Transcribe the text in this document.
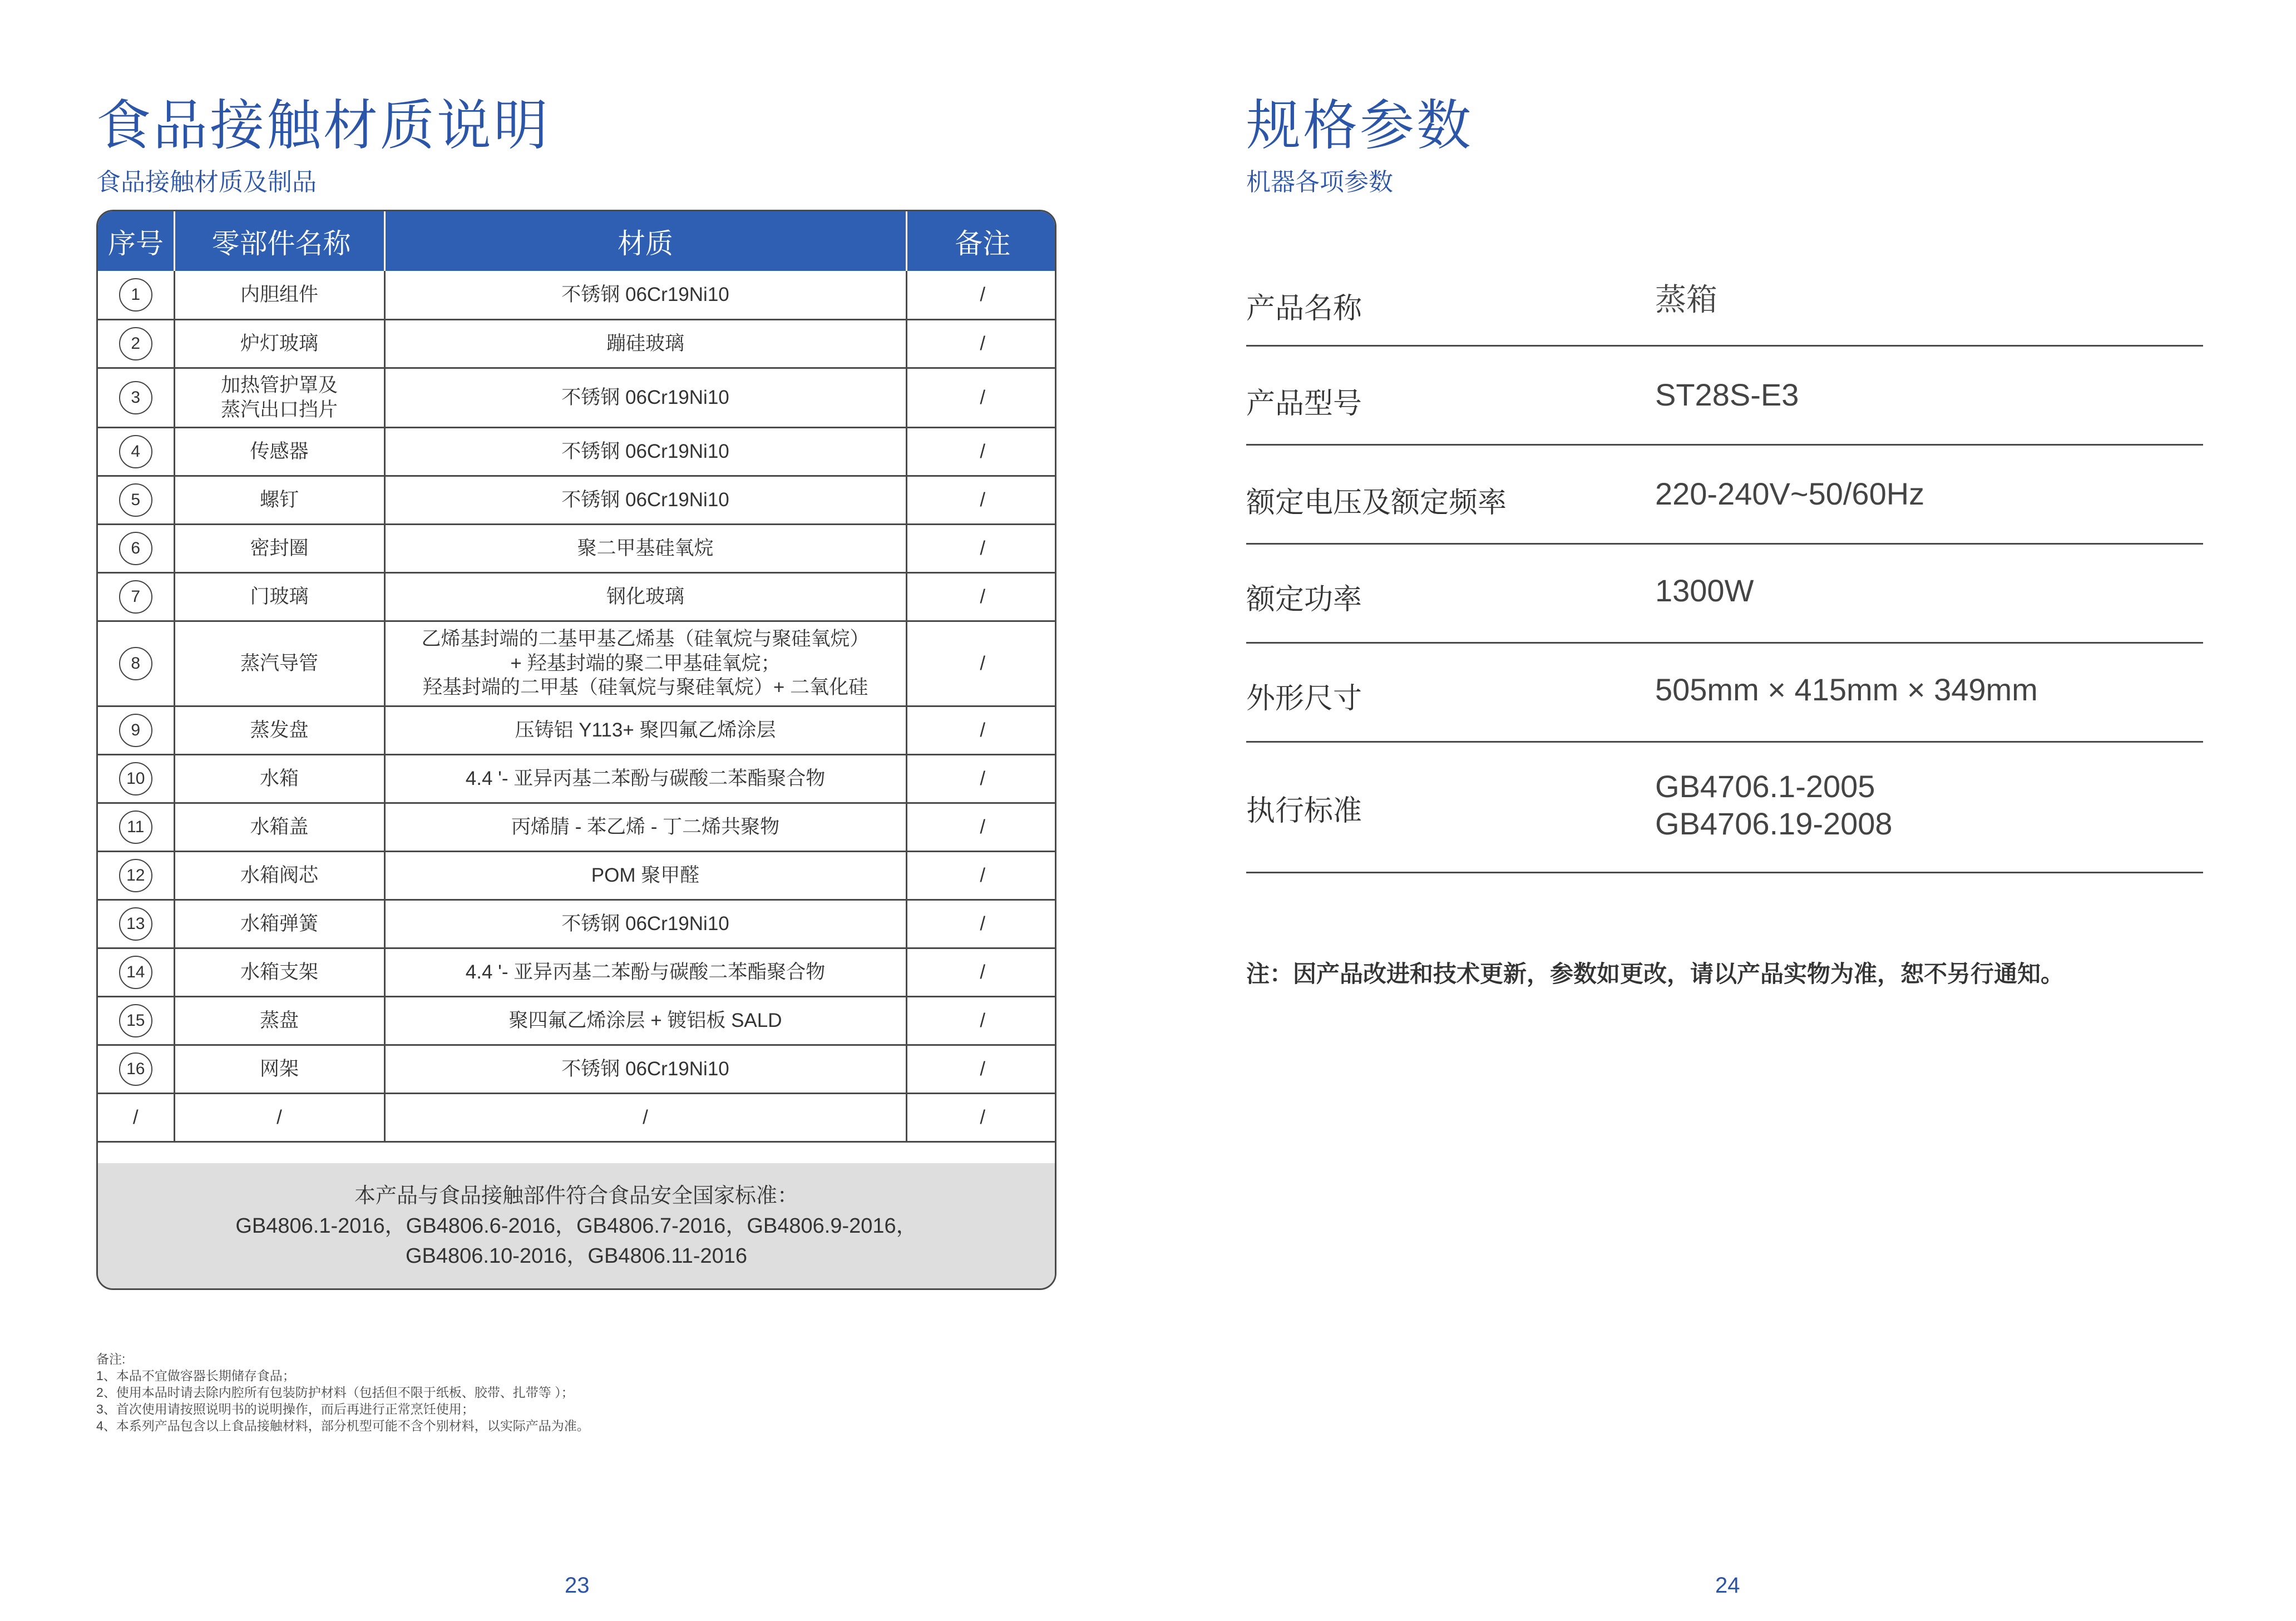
食品接触材质说明
食品接触材质及制品
序号	零部件名称	材质	备注
1	内胆组件	不锈钢 06Cr19Ni10	/
2	炉灯玻璃	蹦硅玻璃	/
3	加热管护罩及
蒸汽出口挡片	不锈钢 06Cr19Ni10	/
4	传感器	不锈钢 06Cr19Ni10	/
5	螺钉	不锈钢 06Cr19Ni10	/
6	密封圈	聚二甲基硅氧烷	/
7	门玻璃	钢化玻璃	/
8	蒸汽导管	乙烯基封端的二基甲基乙烯基（硅氧烷与聚硅氧烷）
+ 羟基封端的聚二甲基硅氧烷；
羟基封端的二甲基（硅氧烷与聚硅氧烷）+ 二氧化硅	/
9	蒸发盘	压铸铝 Y113+ 聚四氟乙烯涂层	/
10	水箱	4.4 '- 亚异丙基二苯酚与碳酸二苯酯聚合物	/
11	水箱盖	丙烯腈 - 苯乙烯 - 丁二烯共聚物	/
12	水箱阀芯	POM 聚甲醛	/
13	水箱弹簧	不锈钢 06Cr19Ni10	/
14	水箱支架	4.4 '- 亚异丙基二苯酚与碳酸二苯酯聚合物	/
15	蒸盘	聚四氟乙烯涂层 + 镀铝板 SALD	/
16	网架	不锈钢 06Cr19Ni10	/
/	/	/	/
本产品与食品接触部件符合食品安全国家标准：
GB4806.1-2016，GB4806.6-2016，GB4806.7-2016，GB4806.9-2016，
GB4806.10-2016，GB4806.11-2016
备注:
1、本品不宜做容器长期储存食品；
2、使用本品时请去除内腔所有包装防护材料（包括但不限于纸板、胶带、扎带等 ）；
3、首次使用请按照说明书的说明操作，而后再进行正常烹饪使用；
4、本系列产品包含以上食品接触材料，部分机型可能不含个别材料，以实际产品为准。
23
规格参数
机器各项参数
产品名称	蒸箱
产品型号	ST28S-E3
额定电压及额定频率	220-240V~50/60Hz
额定功率	1300W
外形尺寸	505mm × 415mm × 349mm
执行标准
GB4706.1-2005
GB4706.19-2008
注：因产品改进和技术更新，参数如更改，请以产品实物为准，恕不另行通知。
24
